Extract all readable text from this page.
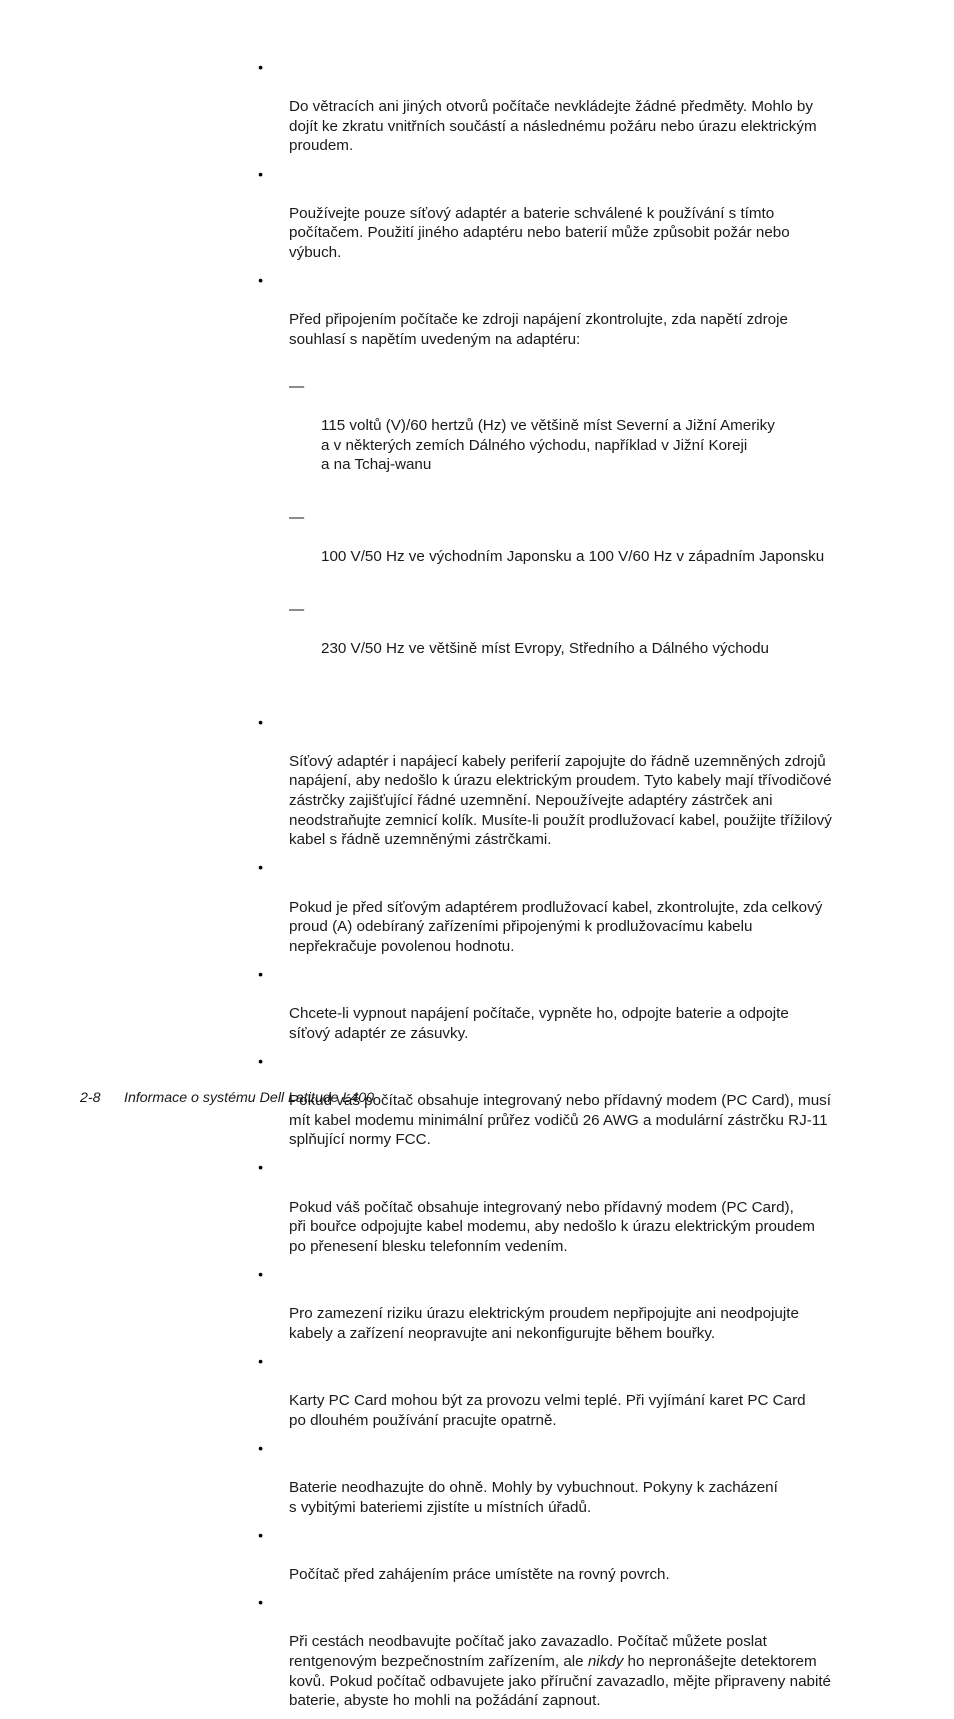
•

Do větracích ani jiných otvorů počítače nevkládejte žádné předměty. Mohlo by
dojít ke zkratu vnitřních součástí a následnému požáru nebo úrazu elektrickým
proudem.

•

Používejte pouze síťový adaptér a baterie schválené k používání s tímto
počítačem. Použití jiného adaptéru nebo baterií může způsobit požár nebo
výbuch.

•

Před připojením počítače ke zdroji napájení zkontrolujte, zda napětí zdroje
souhlasí s napětím uvedeným na adaptéru:

—

115 voltů (V)/60 hertzů (Hz) ve většině míst Severní a Jižní Ameriky
a v některých zemích Dálného východu, například v Jižní Koreji
a na Tchaj-wanu

—

100 V/50 Hz ve východním Japonsku a 100 V/60 Hz v západním Japonsku

—

230 V/50 Hz ve většině míst Evropy, Středního a Dálného východu

•

Síťový adaptér i napájecí kabely periferií zapojujte do řádně uzemněných zdrojů
napájení, aby nedošlo k úrazu elektrickým proudem. Tyto kabely mají třívodičové
zástrčky zajišťující řádné uzemnění. Nepoužívejte adaptéry zástrček ani
neodstraňujte zemnicí kolík. Musíte-li použít prodlužovací kabel, použijte třížilový
kabel s řádně uzemněnými zástrčkami.

•

Pokud je před síťovým adaptérem prodlužovací kabel, zkontrolujte, zda celkový
proud (A) odebíraný zařízeními připojenými k prodlužovacímu kabelu
nepřekračuje povolenou hodnotu.

•

Chcete-li vypnout napájení počítače, vypněte ho, odpojte baterie a odpojte
síťový adaptér ze zásuvky.

•

Pokud váš počítač obsahuje integrovaný nebo přídavný modem (PC Card), musí
mít kabel modemu minimální průřez vodičů 26 AWG a modulární zástrčku RJ-11
splňující normy FCC.

•

Pokud váš počítač obsahuje integrovaný nebo přídavný modem (PC Card),
při bouřce odpojujte kabel modemu, aby nedošlo k úrazu elektrickým proudem
po přenesení blesku telefonním vedením.

•

Pro zamezení riziku úrazu elektrickým proudem nepřipojujte ani neodpojujte
kabely a zařízení neopravujte ani nekonfigurujte během bouřky.

•

Karty PC Card mohou být za provozu velmi teplé. Při vyjímání karet PC Card
po dlouhém používání pracujte opatrně.

•

Baterie neodhazujte do ohně. Mohly by vybuchnout. Pokyny k zacházení
s vybitými bateriemi zjistíte u místních úřadů.

•

Počítač před zahájením práce umístěte na rovný povrch.

•

Při cestách neodbavujte počítač jako zavazadlo. Počítač můžete poslat
rentgenovým bezpečnostním zařízením, ale nikdy ho nepronášejte detektorem
kovů. Pokud počítač odbavujete jako příruční zavazadlo, mějte připraveny nabité
baterie, abyste ho mohli na požádání zapnout.

2-8 Informace o systému Dell Latitude L400
